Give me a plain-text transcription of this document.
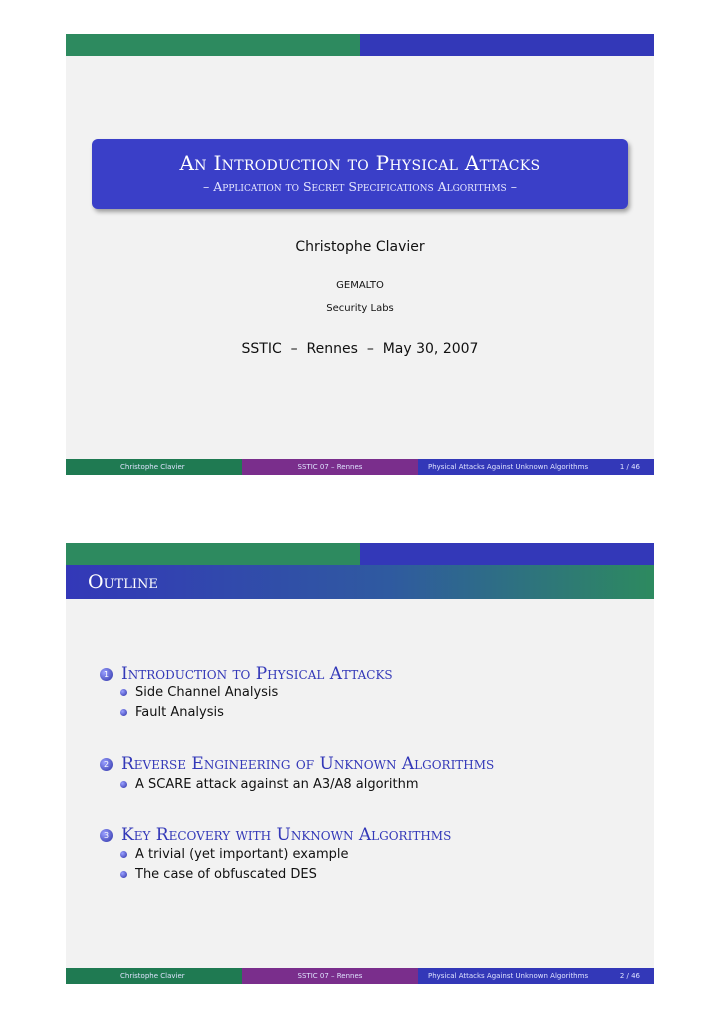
An Introduction to Physical Attacks
– Application to Secret Specifications Algorithms –
Christophe Clavier
GEMALTO
Security Labs
SSTIC  –  Rennes  –  May 30, 2007
Christophe Clavier	SSTIC 07 – Rennes	Physical Attacks Against Unknown Algorithms	1 / 46
Outline
1 Introduction to Physical Attacks
Side Channel Analysis
Fault Analysis
2 Reverse Engineering of Unknown Algorithms
A SCARE attack against an A3/A8 algorithm
3 Key Recovery with Unknown Algorithms
A trivial (yet important) example
The case of obfuscated DES
Christophe Clavier	SSTIC 07 – Rennes	Physical Attacks Against Unknown Algorithms	2 / 46
